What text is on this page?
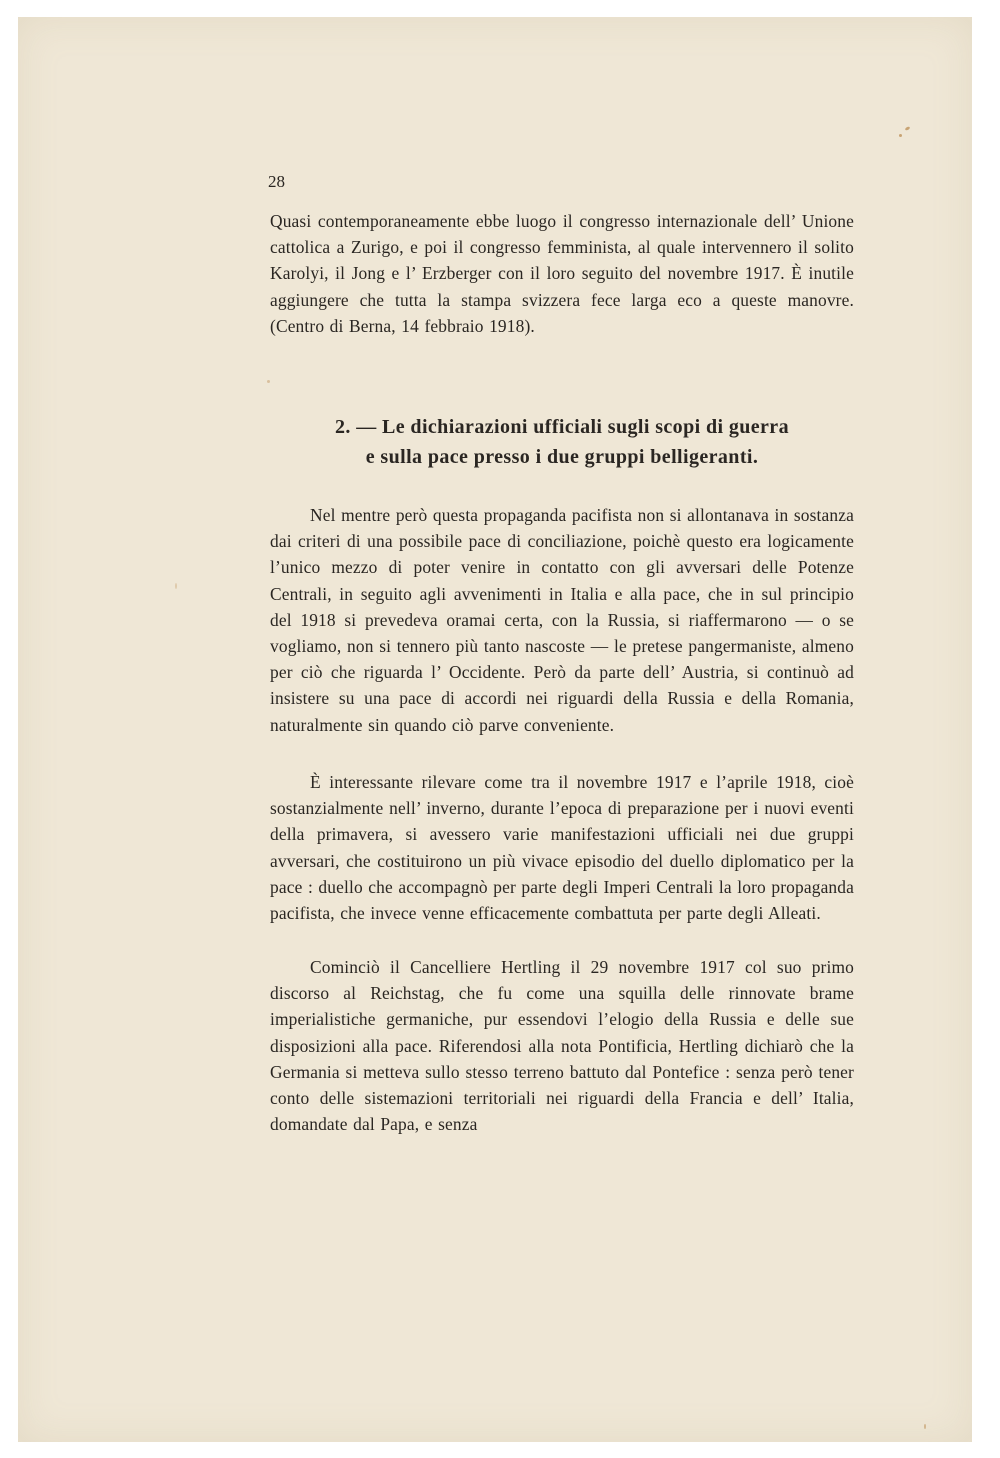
28

Quasi contemporaneamente ebbe luogo il congresso internazionale dell’ Unione cattolica a Zurigo, e poi il congresso femminista, al quale intervennero il solito Karolyi, il Jong e l’ Erzberger con il loro seguito del novembre 1917. È inutile aggiungere che tutta la stampa svizzera fece larga eco a queste manovre. (Centro di Berna, 14 febbraio 1918).

2. — Le dichiarazioni ufficiali sugli scopi di guerra
e sulla pace presso i due gruppi belligeranti.

Nel mentre però questa propaganda pacifista non si allontanava in sostanza dai criteri di una possibile pace di conciliazione, poichè questo era logicamente l’unico mezzo di poter venire in contatto con gli avversari delle Potenze Centrali, in seguito agli avvenimenti in Italia e alla pace, che in sul principio del 1918 si prevedeva oramai certa, con la Russia, si riaffermarono — o se vogliamo, non si tennero più tanto nascoste — le pretese pangermaniste, almeno per ciò che riguarda l’ Occidente. Però da parte dell’ Austria, si continuò ad insistere su una pace di accordi nei riguardi della Russia e della Romania, naturalmente sin quando ciò parve conveniente.

È interessante rilevare come tra il novembre 1917 e l’aprile 1918, cioè sostanzialmente nell’ inverno, durante l’epoca di preparazione per i nuovi eventi della primavera, si avessero varie manifestazioni ufficiali nei due gruppi avversari, che costituirono un più vivace episodio del duello diplomatico per la pace : duello che accompagnò per parte degli Imperi Centrali la loro propaganda pacifista, che invece venne efficacemente combattuta per parte degli Alleati.

Cominciò il Cancelliere Hertling il 29 novembre 1917 col suo primo discorso al Reichstag, che fu come una squilla delle rinnovate brame imperialistiche germaniche, pur essendovi l’elogio della Russia e delle sue disposizioni alla pace. Riferendosi alla nota Pontificia, Hertling dichiarò che la Germania si metteva sullo stesso terreno battuto dal Pontefice : senza però tener conto delle sistemazioni territoriali nei riguardi della Francia e dell’ Italia, domandate dal Papa, e senza
